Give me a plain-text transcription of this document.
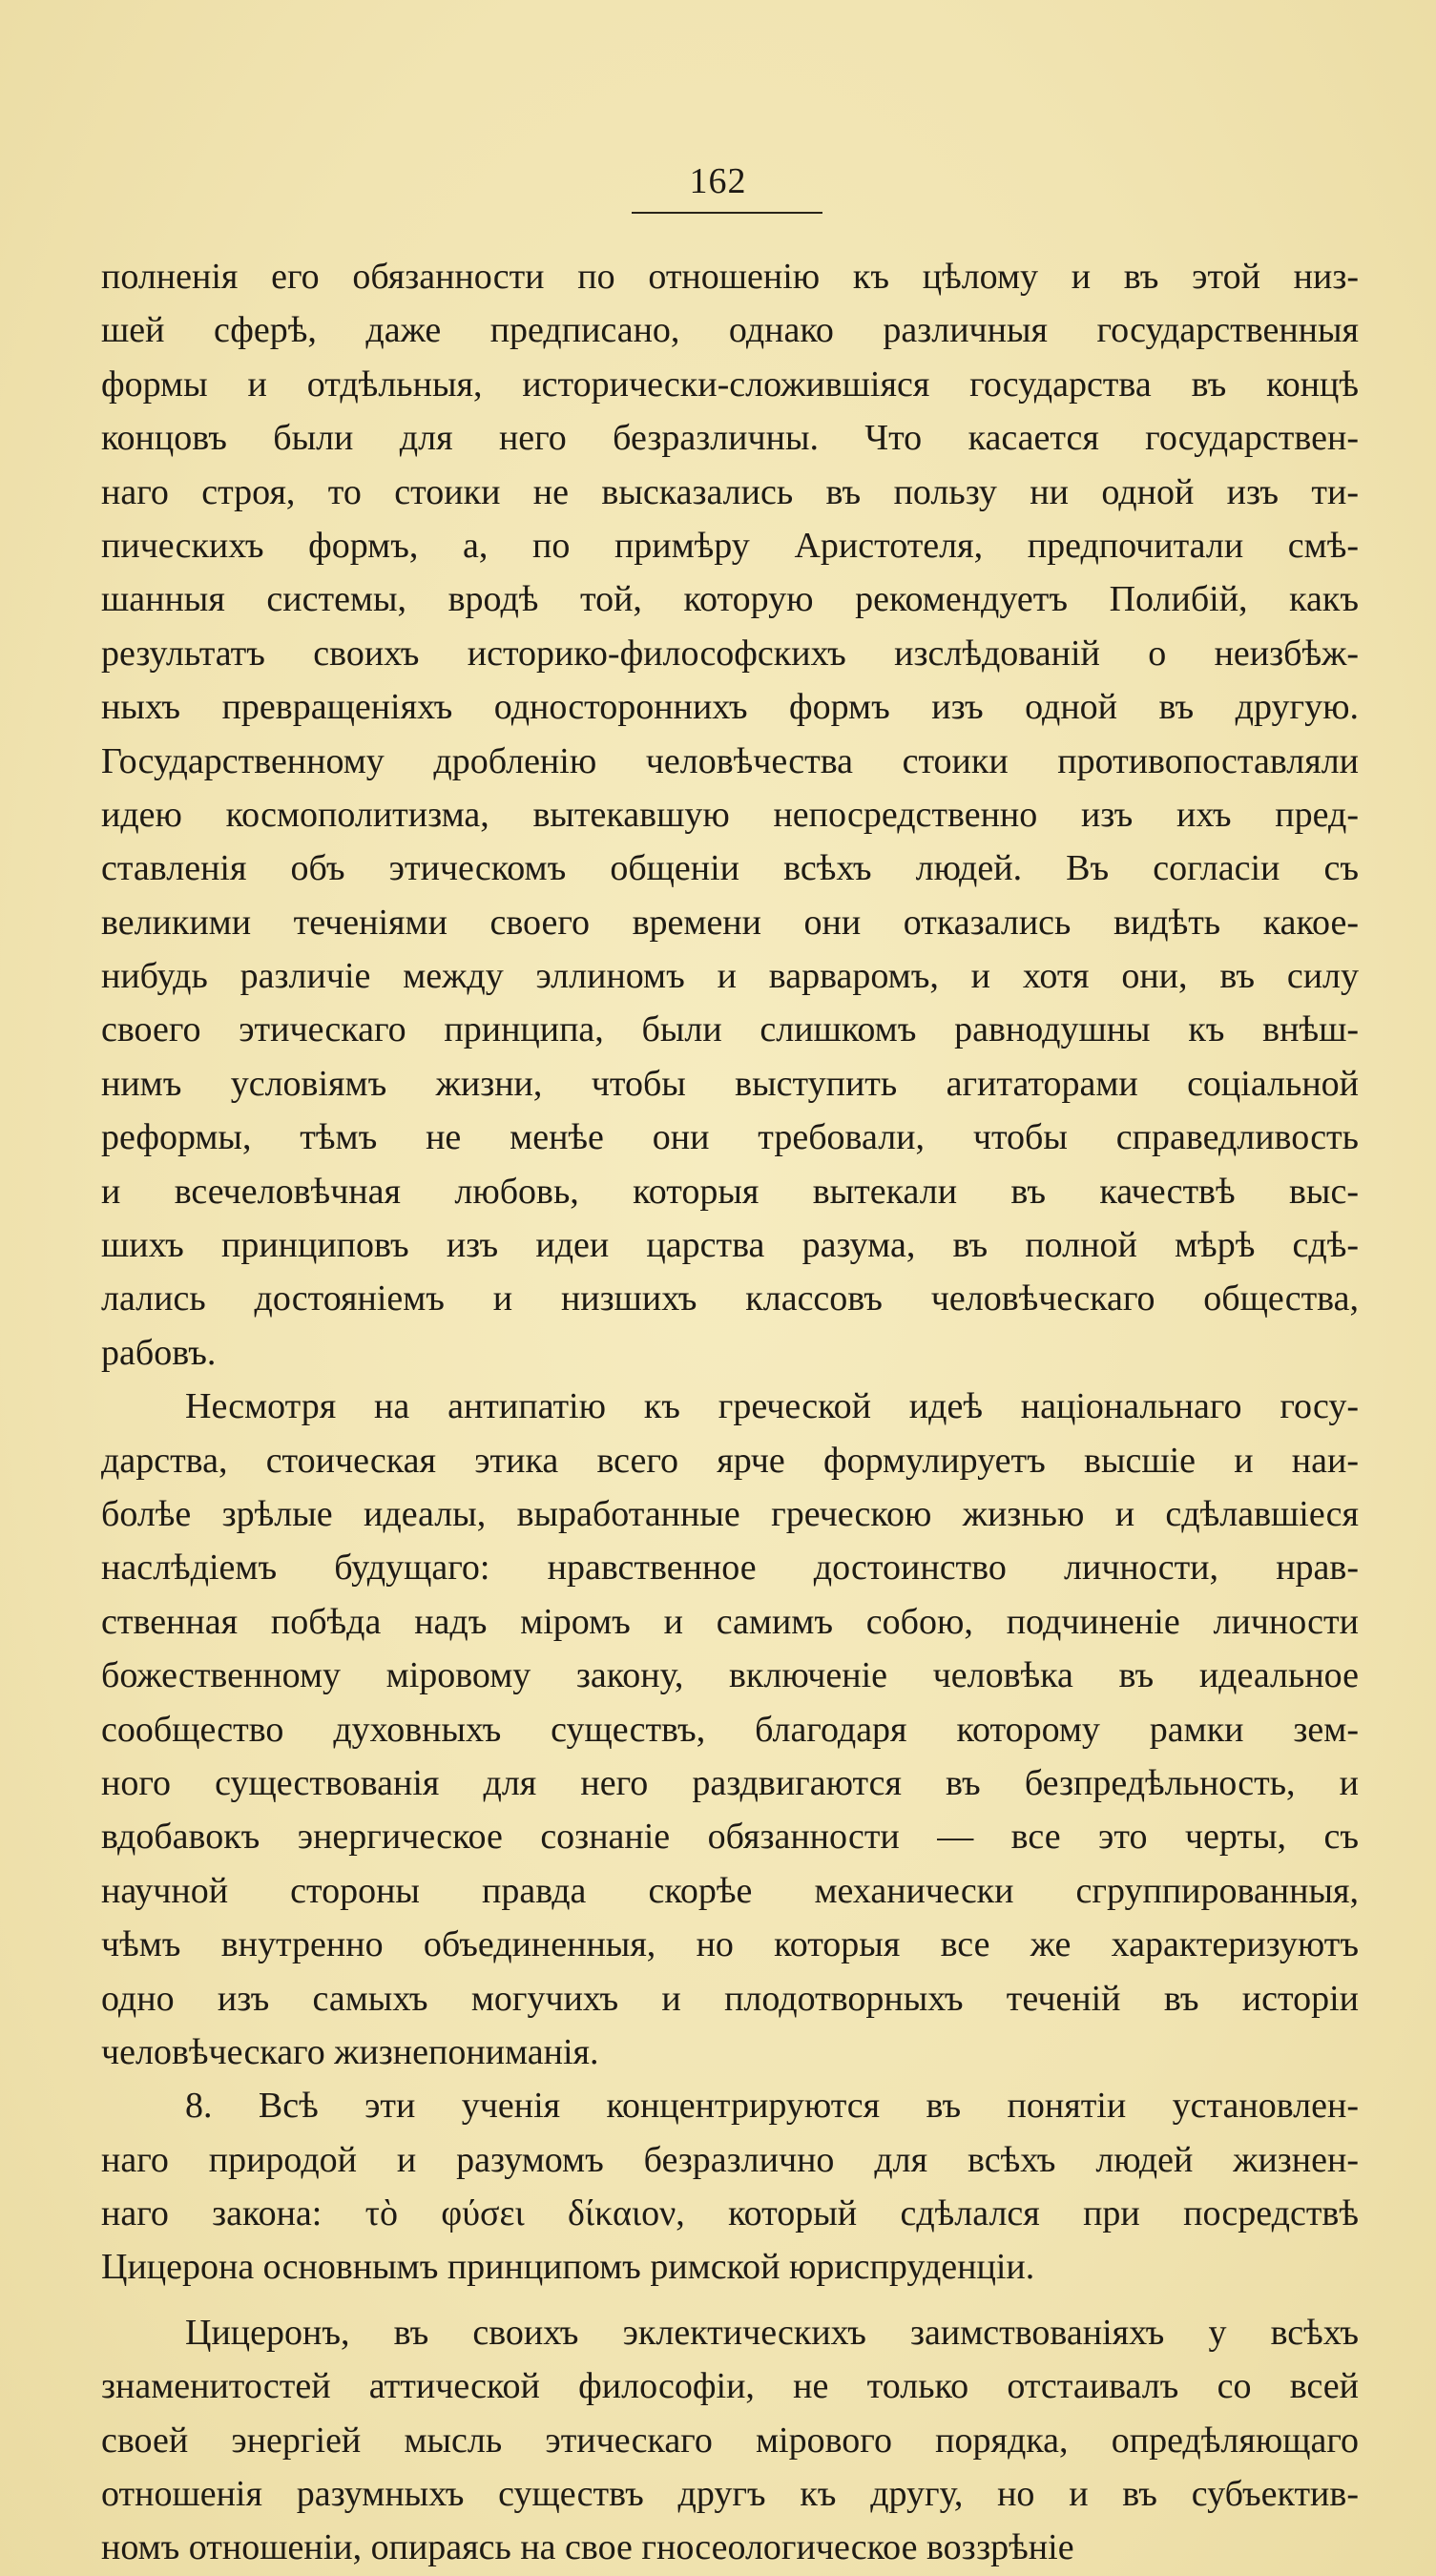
162
полненія его обязанности по отношенію къ цѣлому и въ этой низ-
шей сферѣ, даже предписано, однако различныя государственныя
формы и отдѣльныя, исторически-сложившіяся государства въ концѣ
концовъ были для него безразличны. Что касается государствен-
наго строя, то стоики не высказались въ пользу ни одной изъ ти-
пическихъ формъ, а, по примѣру Аристотеля, предпочитали смѣ-
шанныя системы, вродѣ той, которую рекомендуетъ Полибій, какъ
результатъ своихъ историко-философскихъ изслѣдованій о неизбѣж-
ныхъ превращеніяхъ одностороннихъ формъ изъ одной въ другую.
Государственному дробленію человѣчества стоики противопоставляли
идею космополитизма, вытекавшую непосредственно изъ ихъ пред-
ставленія объ этическомъ общеніи всѣхъ людей. Въ согласіи съ
великими теченіями своего времени они отказались видѣть какое-
нибудь различіе между эллиномъ и варваромъ, и хотя они, въ силу
своего этическаго принципа, были слишкомъ равнодушны къ внѣш-
нимъ условіямъ жизни, чтобы выступить агитаторами соціальной
реформы, тѣмъ не менѣе они требовали, чтобы справедливость
и всечеловѣчная любовь, которыя вытекали въ качествѣ выс-
шихъ принциповъ изъ идеи царства разума, въ полной мѣрѣ сдѣ-
лались достояніемъ и низшихъ классовъ человѣческаго общества,
рабовъ.
Несмотря на антипатію къ греческой идеѣ національнаго госу-
дарства, стоическая этика всего ярче формулируетъ высшіе и наи-
болѣе зрѣлые идеалы, выработанные греческою жизнью и сдѣлавшіеся
наслѣдіемъ будущаго: нравственное достоинство личности, нрав-
ственная побѣда надъ міромъ и самимъ собою, подчиненіе личности
божественному міровому закону, включеніе человѣка въ идеальное
сообщество духовныхъ существъ, благодаря которому рамки зем-
ного существованія для него раздвигаются въ безпредѣльность, и
вдобавокъ энергическое сознаніе обязанности — все это черты, съ
научной стороны правда скорѣе механически сгруппированныя,
чѣмъ внутренно объединенныя, но которыя все же характеризуютъ
одно изъ самыхъ могучихъ и плодотворныхъ теченій въ исторіи
человѣческаго жизнепониманія.
8. Всѣ эти ученія концентрируются въ понятіи установлен-
наго природой и разумомъ безразлично для всѣхъ людей жизнен-
наго закона: τὸ φύσει δίκαιον, который сдѣлался при посредствѣ
Цицерона основнымъ принципомъ римской юриспруденціи.
Цицеронъ, въ своихъ эклектическихъ заимствованіяхъ у всѣхъ
знаменитостей аттической философіи, не только отстаивалъ со всей
своей энергіей мысль этическаго мірового порядка, опредѣляющаго
отношенія разумныхъ существъ другъ къ другу, но и въ субъектив-
номъ отношеніи, опираясь на свое гносеологическое воззрѣніе
